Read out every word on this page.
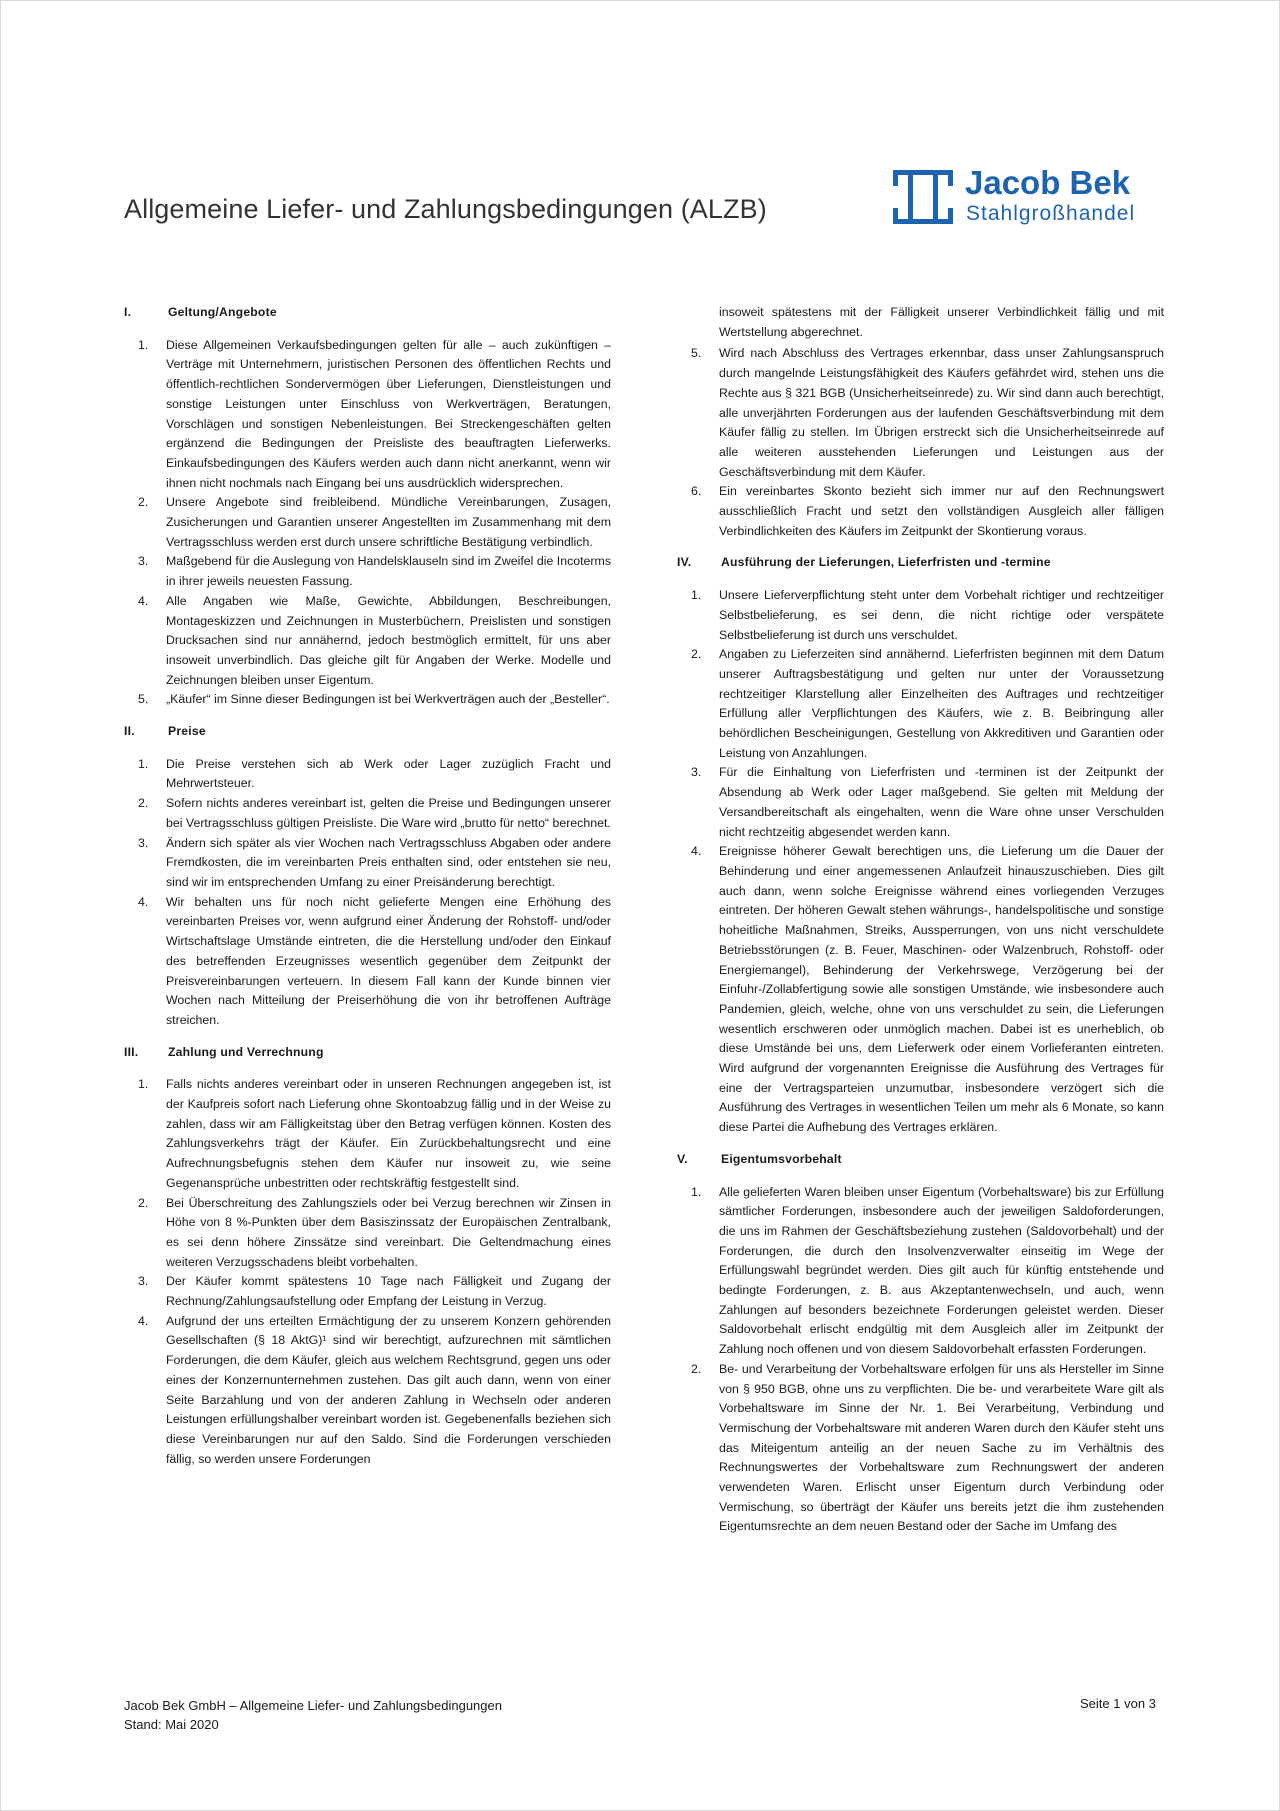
Allgemeine Liefer- und Zahlungsbedingungen (ALZB)
Jacob Bek
Stahlgroßhandel
I.	Geltung/Angebote
1.	Diese Allgemeinen Verkaufsbedingungen gelten für alle – auch zukünftigen – Verträge mit Unternehmern, juristischen Personen des öffentlichen Rechts und öffentlich-rechtlichen Sondervermögen über Lieferungen, Dienstleistungen und sonstige Leistungen unter Einschluss von Werkverträgen, Beratungen, Vorschlägen und sonstigen Nebenleistungen. Bei Streckengeschäften gelten ergänzend die Bedingungen der Preisliste des beauftragten Lieferwerks. Einkaufsbedingungen des Käufers werden auch dann nicht anerkannt, wenn wir ihnen nicht nochmals nach Eingang bei uns ausdrücklich widersprechen.
2.	Unsere Angebote sind freibleibend. Mündliche Vereinbarungen, Zusagen, Zusicherungen und Garantien unserer Angestellten im Zusammenhang mit dem Vertragsschluss werden erst durch unsere schriftliche Bestätigung verbindlich.
3.	Maßgebend für die Auslegung von Handelsklauseln sind im Zweifel die Incoterms in ihrer jeweils neuesten Fassung.
4.	Alle Angaben wie Maße, Gewichte, Abbildungen, Beschreibungen, Montageskizzen und Zeichnungen in Musterbüchern, Preislisten und sonstigen Drucksachen sind nur annähernd, jedoch bestmöglich ermittelt, für uns aber insoweit unverbindlich. Das gleiche gilt für Angaben der Werke. Modelle und Zeichnungen bleiben unser Eigentum.
5.	„Käufer“ im Sinne dieser Bedingungen ist bei Werkverträgen auch der „Besteller“.
II.	Preise
1.	Die Preise verstehen sich ab Werk oder Lager zuzüglich Fracht und Mehrwertsteuer.
2.	Sofern nichts anderes vereinbart ist, gelten die Preise und Bedingungen unserer bei Vertragsschluss gültigen Preisliste. Die Ware wird „brutto für netto“ berechnet.
3.	Ändern sich später als vier Wochen nach Vertragsschluss Abgaben oder andere Fremdkosten, die im vereinbarten Preis enthalten sind, oder entstehen sie neu, sind wir im entsprechenden Umfang zu einer Preisänderung berechtigt.
4.	Wir behalten uns für noch nicht gelieferte Mengen eine Erhöhung des vereinbarten Preises vor, wenn aufgrund einer Änderung der Rohstoff- und/oder Wirtschaftslage Umstände eintreten, die die Herstellung und/oder den Einkauf des betreffenden Erzeugnisses wesentlich gegenüber dem Zeitpunkt der Preisvereinbarungen verteuern. In diesem Fall kann der Kunde binnen vier Wochen nach Mitteilung der Preiserhöhung die von ihr betroffenen Aufträge streichen.
III.	Zahlung und Verrechnung
1.	Falls nichts anderes vereinbart oder in unseren Rechnungen angegeben ist, ist der Kaufpreis sofort nach Lieferung ohne Skontoabzug fällig und in der Weise zu zahlen, dass wir am Fälligkeitstag über den Betrag verfügen können. Kosten des Zahlungsverkehrs trägt der Käufer. Ein Zurückbehaltungsrecht und eine Aufrechnungsbefugnis stehen dem Käufer nur insoweit zu, wie seine Gegenansprüche unbestritten oder rechtskräftig festgestellt sind.
2.	Bei Überschreitung des Zahlungsziels oder bei Verzug berechnen wir Zinsen in Höhe von 8 %-Punkten über dem Basiszinssatz der Europäischen Zentralbank, es sei denn höhere Zinssätze sind vereinbart. Die Geltendmachung eines weiteren Verzugsschadens bleibt vorbehalten.
3.	Der Käufer kommt spätestens 10 Tage nach Fälligkeit und Zugang der Rechnung/Zahlungsaufstellung oder Empfang der Leistung in Verzug.
4.	Aufgrund der uns erteilten Ermächtigung der zu unserem Konzern gehörenden Gesellschaften (§ 18 AktG)¹ sind wir berechtigt, aufzurechnen mit sämtlichen Forderungen, die dem Käufer, gleich aus welchem Rechtsgrund, gegen uns oder eines der Konzernunternehmen zustehen. Das gilt auch dann, wenn von einer Seite Barzahlung und von der anderen Zahlung in Wechseln oder anderen Leistungen erfüllungshalber vereinbart worden ist. Gegebenenfalls beziehen sich diese Vereinbarungen nur auf den Saldo. Sind die Forderungen verschieden fällig, so werden unsere Forderungen
insoweit spätestens mit der Fälligkeit unserer Verbindlichkeit fällig und mit Wertstellung abgerechnet.
5.	Wird nach Abschluss des Vertrages erkennbar, dass unser Zahlungsanspruch durch mangelnde Leistungsfähigkeit des Käufers gefährdet wird, stehen uns die Rechte aus § 321 BGB (Unsicherheitseinrede) zu. Wir sind dann auch berechtigt, alle unverjährten Forderungen aus der laufenden Geschäftsverbindung mit dem Käufer fällig zu stellen. Im Übrigen erstreckt sich die Unsicherheitseinrede auf alle weiteren ausstehenden Lieferungen und Leistungen aus der Geschäftsverbindung mit dem Käufer.
6.	Ein vereinbartes Skonto bezieht sich immer nur auf den Rechnungswert ausschließlich Fracht und setzt den vollständigen Ausgleich aller fälligen Verbindlichkeiten des Käufers im Zeitpunkt der Skontierung voraus.
IV.	Ausführung der Lieferungen, Lieferfristen und -termine
1.	Unsere Lieferverpflichtung steht unter dem Vorbehalt richtiger und rechtzeitiger Selbstbelieferung, es sei denn, die nicht richtige oder verspätete Selbstbelieferung ist durch uns verschuldet.
2.	Angaben zu Lieferzeiten sind annähernd. Lieferfristen beginnen mit dem Datum unserer Auftragsbestätigung und gelten nur unter der Voraussetzung rechtzeitiger Klarstellung aller Einzelheiten des Auftrages und rechtzeitiger Erfüllung aller Verpflichtungen des Käufers, wie z. B. Beibringung aller behördlichen Bescheinigungen, Gestellung von Akkreditiven und Garantien oder Leistung von Anzahlungen.
3.	Für die Einhaltung von Lieferfristen und -terminen ist der Zeitpunkt der Absendung ab Werk oder Lager maßgebend. Sie gelten mit Meldung der Versandbereitschaft als eingehalten, wenn die Ware ohne unser Verschulden nicht rechtzeitig abgesendet werden kann.
4.	Ereignisse höherer Gewalt berechtigen uns, die Lieferung um die Dauer der Behinderung und einer angemessenen Anlaufzeit hinauszuschieben. Dies gilt auch dann, wenn solche Ereignisse während eines vorliegenden Verzuges eintreten. Der höheren Gewalt stehen währungs-, handelspolitische und sonstige hoheitliche Maßnahmen, Streiks, Aussperrungen, von uns nicht verschuldete Betriebsstörungen (z. B. Feuer, Maschinen- oder Walzenbruch, Rohstoff- oder Energiemangel), Behinderung der Verkehrswege, Verzögerung bei der Einfuhr-/Zollabfertigung sowie alle sonstigen Umstände, wie insbesondere auch Pandemien, gleich, welche, ohne von uns verschuldet zu sein, die Lieferungen wesentlich erschweren oder unmöglich machen. Dabei ist es unerheblich, ob diese Umstände bei uns, dem Lieferwerk oder einem Vorlieferanten eintreten. Wird aufgrund der vorgenannten Ereignisse die Ausführung des Vertrages für eine der Vertragsparteien unzumutbar, insbesondere verzögert sich die Ausführung des Vertrages in wesentlichen Teilen um mehr als 6 Monate, so kann diese Partei die Aufhebung des Vertrages erklären.
V.	Eigentumsvorbehalt
1.	Alle gelieferten Waren bleiben unser Eigentum (Vorbehaltsware) bis zur Erfüllung sämtlicher Forderungen, insbesondere auch der jeweiligen Saldoforderungen, die uns im Rahmen der Geschäftsbeziehung zustehen (Saldovorbehalt) und der Forderungen, die durch den Insolvenzverwalter einseitig im Wege der Erfüllungswahl begründet werden. Dies gilt auch für künftig entstehende und bedingte Forderungen, z. B. aus Akzeptantenwechseln, und auch, wenn Zahlungen auf besonders bezeichnete Forderungen geleistet werden. Dieser Saldovorbehalt erlischt endgültig mit dem Ausgleich aller im Zeitpunkt der Zahlung noch offenen und von diesem Saldovorbehalt erfassten Forderungen.
2.	Be- und Verarbeitung der Vorbehaltsware erfolgen für uns als Hersteller im Sinne von § 950 BGB, ohne uns zu verpflichten. Die be- und verarbeitete Ware gilt als Vorbehaltsware im Sinne der Nr. 1. Bei Verarbeitung, Verbindung und Vermischung der Vorbehaltsware mit anderen Waren durch den Käufer steht uns das Miteigentum anteilig an der neuen Sache zu im Verhältnis des Rechnungswertes der Vorbehaltsware zum Rechnungswert der anderen verwendeten Waren. Erlischt unser Eigentum durch Verbindung oder Vermischung, so überträgt der Käufer uns bereits jetzt die ihm zustehenden Eigentumsrechte an dem neuen Bestand oder der Sache im Umfang des
Jacob Bek GmbH – Allgemeine Liefer- und Zahlungsbedingungen
Stand: Mai 2020
Seite 1 von 3
